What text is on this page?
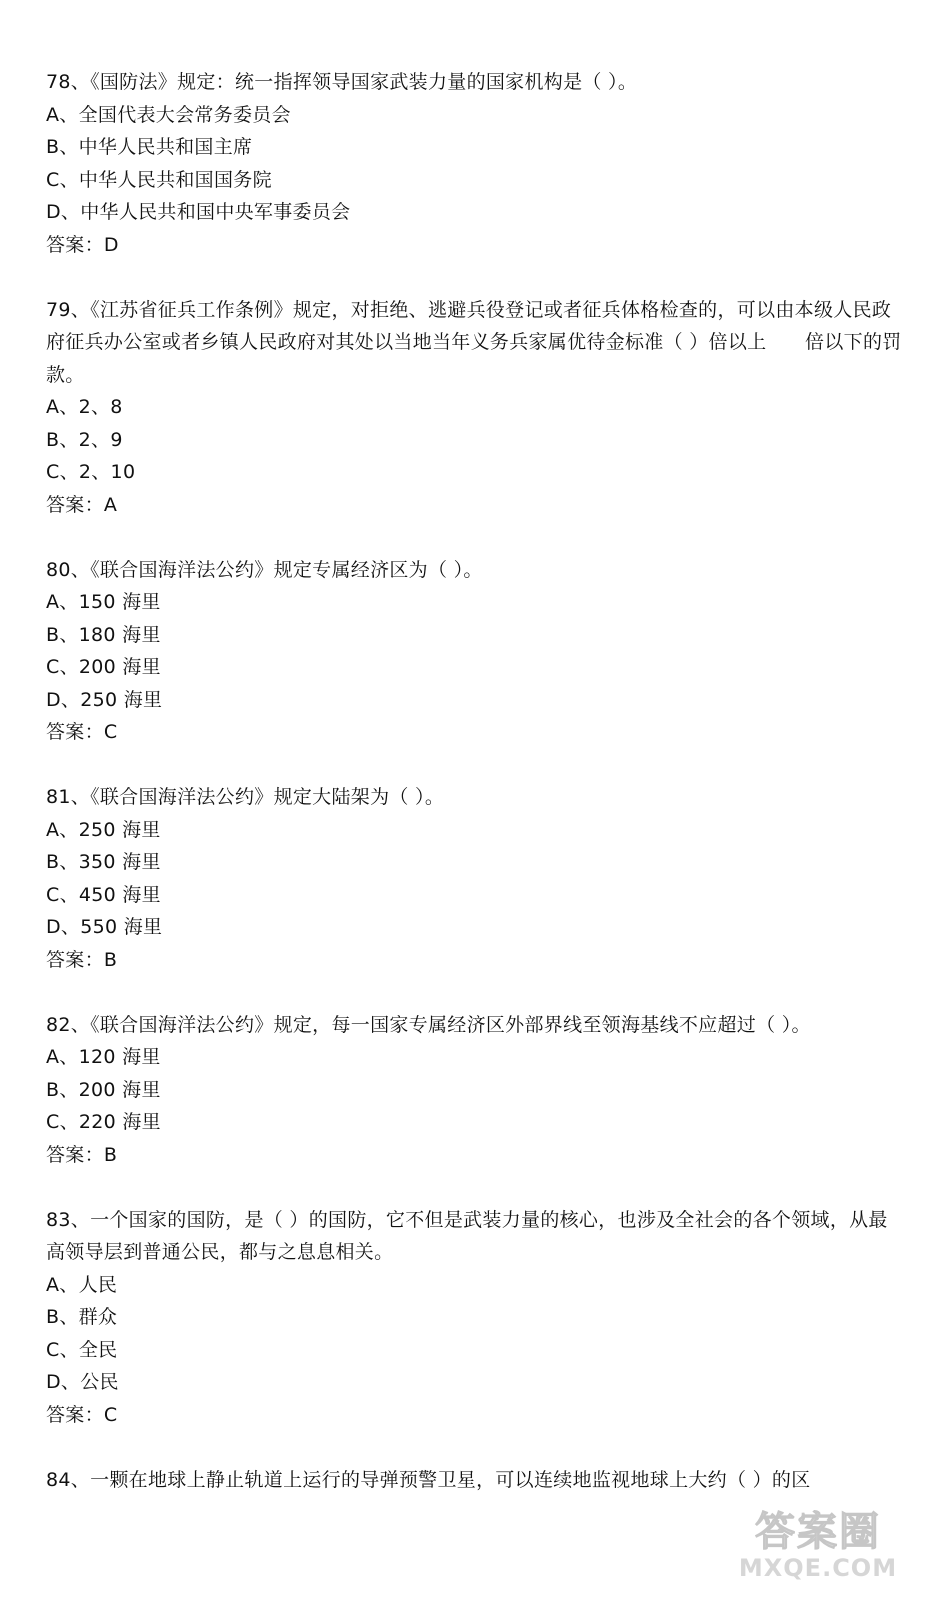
78、《国防法》规定：统一指挥领导国家武装力量的国家机构是（ ）。

A、全国代表大会常务委员会

B、中华人民共和国主席

C、中华人民共和国国务院

D、中华人民共和国中央军事委员会

答案：D

79、《江苏省征兵工作条例》规定，对拒绝、逃避兵役登记或者征兵体格检查的，可以由本级人民政府征兵办公室或者乡镇人民政府对其处以当地当年义务兵家属优待金标准（ ）倍以上　　倍以下的罚款。

A、2、8

B、2、9

C、2、10

答案：A

80、《联合国海洋法公约》规定专属经济区为（ ）。

A、150 海里

B、180 海里

C、200 海里

D、250 海里

答案：C

81、《联合国海洋法公约》规定大陆架为（ ）。

A、250 海里

B、350 海里

C、450 海里

D、550 海里

答案：B

82、《联合国海洋法公约》规定，每一国家专属经济区外部界线至领海基线不应超过（ ）。

A、120 海里

B、200 海里

C、220 海里

答案：B

83、一个国家的国防，是（ ）的国防，它不但是武装力量的核心，也涉及全社会的各个领域，从最高领导层到普通公民，都与之息息相关。

A、人民

B、群众

C、全民

D、公民

答案：C

84、一颗在地球上静止轨道上运行的导弹预警卫星，可以连续地监视地球上大约（ ）的区

答案圈
MXQE.COM
